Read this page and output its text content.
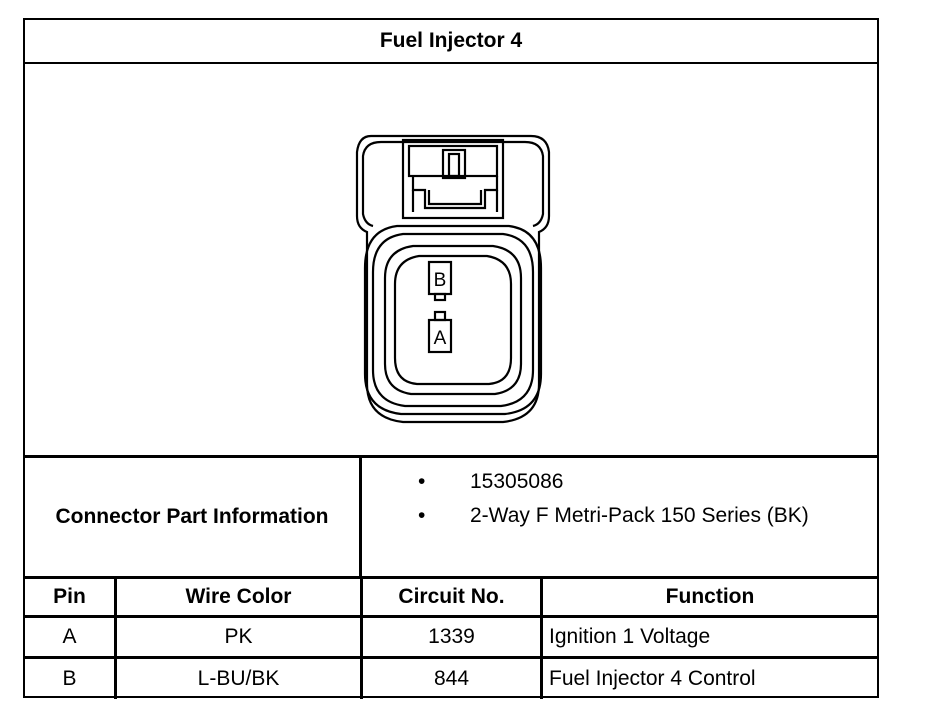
Fuel Injector 4
B
A
Connector Part Information
• 15305086
• 2-Way F Metri-Pack 150 Series (BK)
Pin	Wire Color	Circuit No.	Function
A	PK	1339	Ignition 1 Voltage
B	L-BU/BK	844	Fuel Injector 4 Control
